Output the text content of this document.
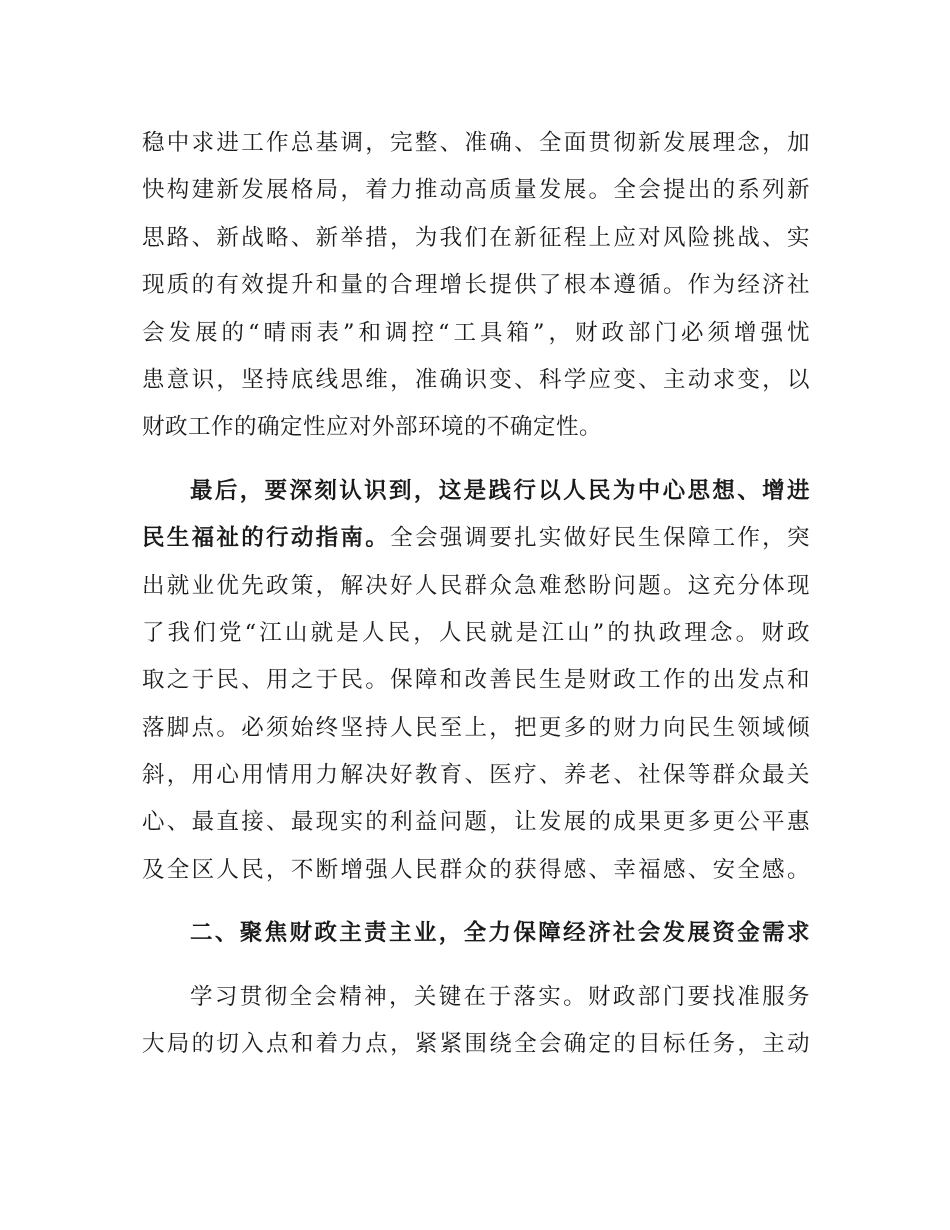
稳中求进工作总基调，完整、准确、全面贯彻新发展理念，加
快构建新发展格局，着力推动高质量发展。全会提出的系列新
思路、新战略、新举措，为我们在新征程上应对风险挑战、实
现质的有效提升和量的合理增长提供了根本遵循。作为经济社
会发展的“晴雨表”和调控“工具箱”，财政部门必须增强忧
患意识，坚持底线思维，准确识变、科学应变、主动求变，以
财政工作的确定性应对外部环境的不确定性。
最后，要深刻认识到，这是践行以人民为中心思想、增进
民生福祉的行动指南。全会强调要扎实做好民生保障工作，突
出就业优先政策，解决好人民群众急难愁盼问题。这充分体现
了我们党“江山就是人民，人民就是江山”的执政理念。财政
取之于民、用之于民。保障和改善民生是财政工作的出发点和
落脚点。必须始终坚持人民至上，把更多的财力向民生领域倾
斜，用心用情用力解决好教育、医疗、养老、社保等群众最关
心、最直接、最现实的利益问题，让发展的成果更多更公平惠
及全区人民，不断增强人民群众的获得感、幸福感、安全感。
二、聚焦财政主责主业，全力保障经济社会发展资金需求
学习贯彻全会精神，关键在于落实。财政部门要找准服务
大局的切入点和着力点，紧紧围绕全会确定的目标任务，主动
